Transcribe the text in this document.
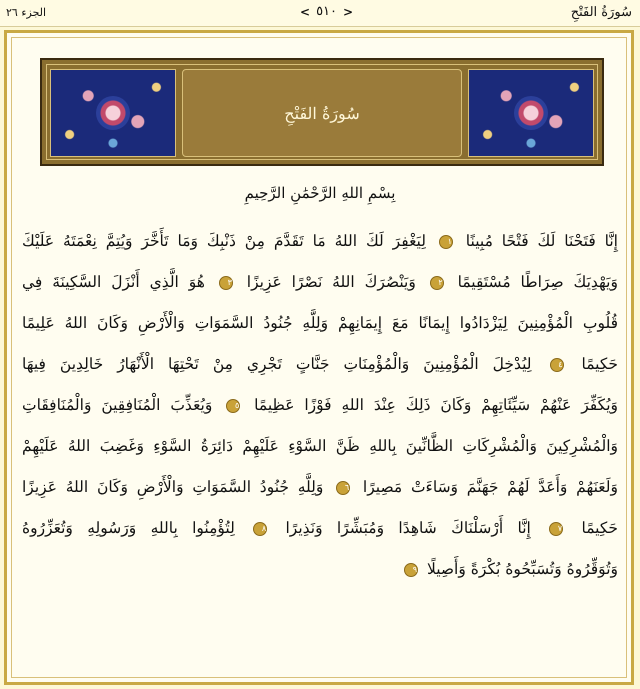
سُورَةُ الفَتْحِ
< ٥١٠ >
الجزء ٢٦
سُورَةُ الفَتْحِ
بِسْمِ اللهِ الرَّحْمَٰنِ الرَّحِيمِ
إِنَّا فَتَحْنَا لَكَ فَتْحًا مُبِينًا ١ لِيَغْفِرَ لَكَ اللهُ مَا تَقَدَّمَ مِنْ ذَنْبِكَ وَمَا تَأَخَّرَ وَيُتِمَّ نِعْمَتَهُ عَلَيْكَ
وَيَهْدِيَكَ صِرَاطًا مُسْتَقِيمًا ٢ وَيَنْصُرَكَ اللهُ نَصْرًا عَزِيزًا ٣ هُوَ الَّذِي أَنْزَلَ السَّكِينَةَ فِي
قُلُوبِ الْمُؤْمِنِينَ لِيَزْدَادُوا إِيمَانًا مَعَ إِيمَانِهِمْ وَلِلَّهِ جُنُودُ السَّمَوَاتِ وَالْأَرْضِ وَكَانَ اللهُ عَلِيمًا
حَكِيمًا ٤ لِيُدْخِلَ الْمُؤْمِنِينَ وَالْمُؤْمِنَاتِ جَنَّاتٍ تَجْرِي مِنْ تَحْتِهَا الْأَنْهَارُ خَالِدِينَ فِيهَا
وَيُكَفِّرَ عَنْهُمْ سَيِّئَاتِهِمْ وَكَانَ ذَلِكَ عِنْدَ اللهِ فَوْزًا عَظِيمًا ٥ وَيُعَذِّبَ الْمُنَافِقِينَ وَالْمُنَافِقَاتِ
وَالْمُشْرِكِينَ وَالْمُشْرِكَاتِ الظَّانِّينَ بِاللهِ ظَنَّ السَّوْءِ عَلَيْهِمْ دَائِرَةُ السَّوْءِ وَغَضِبَ اللهُ عَلَيْهِمْ
وَلَعَنَهُمْ وَأَعَدَّ لَهُمْ جَهَنَّمَ وَسَاءَتْ مَصِيرًا ٦ وَلِلَّهِ جُنُودُ السَّمَوَاتِ وَالْأَرْضِ وَكَانَ اللهُ عَزِيزًا
حَكِيمًا ٧ إِنَّا أَرْسَلْنَاكَ شَاهِدًا وَمُبَشِّرًا وَنَذِيرًا ٨ لِتُؤْمِنُوا بِاللهِ وَرَسُولِهِ وَتُعَزِّرُوهُ
وَتُوَقِّرُوهُ وَتُسَبِّحُوهُ بُكْرَةً وَأَصِيلًا ٩
